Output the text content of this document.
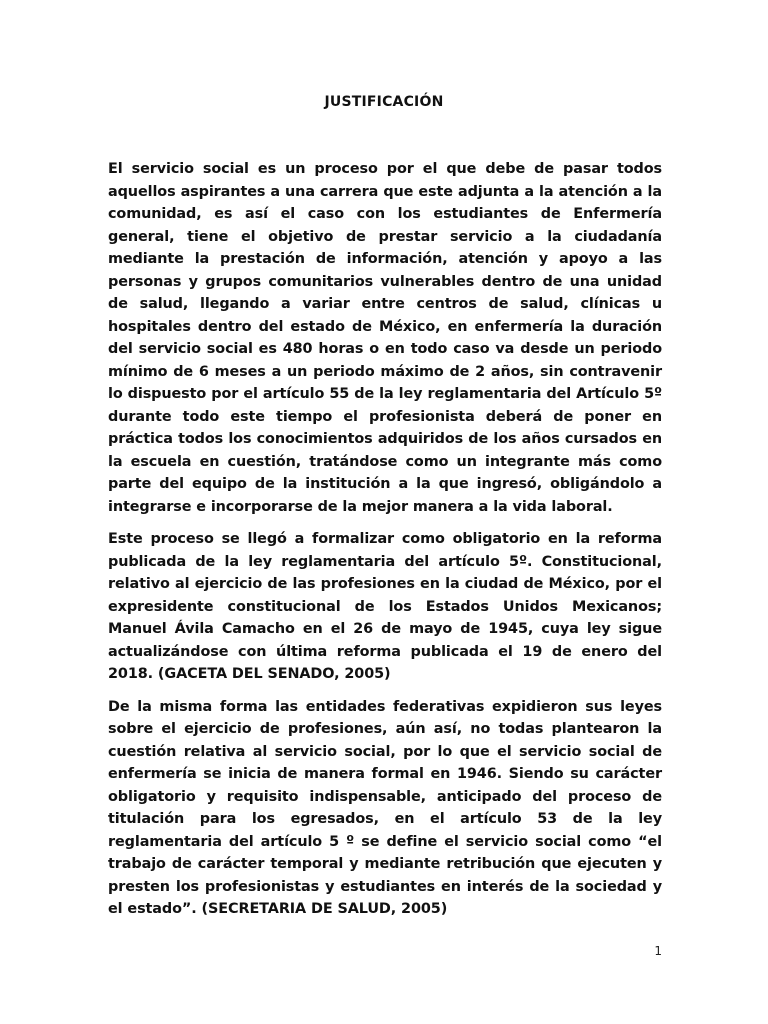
JUSTIFICACIÓN

El servicio social es un proceso por el que debe de pasar todos aquellos aspirantes a una carrera que este adjunta a la atención a la comunidad, es así el caso con los estudiantes de Enfermería general, tiene el objetivo de prestar servicio a la ciudadanía mediante la prestación de información, atención y apoyo a las personas y grupos comunitarios vulnerables dentro de una unidad de salud, llegando a variar entre centros de salud, clínicas u hospitales dentro del estado de México, en enfermería la duración del servicio social es 480 horas o en todo caso va desde un periodo mínimo de 6 meses a un periodo máximo de 2 años, sin contravenir lo dispuesto por el artículo 55 de la ley reglamentaria del Artículo 5º durante todo este tiempo el profesionista deberá de poner en práctica todos los conocimientos adquiridos de los años cursados en la escuela en cuestión, tratándose como un integrante más como parte del equipo de la institución a la que ingresó, obligándolo a integrarse e incorporarse de la mejor manera a la vida laboral.

Este proceso se llegó a formalizar como obligatorio en la reforma publicada de la ley reglamentaria del artículo 5º. Constitucional, relativo al ejercicio de las profesiones en la ciudad de México, por el expresidente constitucional de los Estados Unidos Mexicanos; Manuel Ávila Camacho en el 26 de mayo de 1945, cuya ley sigue actualizándose con última reforma publicada el 19 de enero del 2018. (GACETA DEL SENADO, 2005)

De la misma forma las entidades federativas expidieron sus leyes sobre el ejercicio de profesiones, aún así, no todas plantearon la cuestión relativa al servicio social, por lo que el servicio social de enfermería se inicia de manera formal en 1946. Siendo su carácter obligatorio y requisito indispensable, anticipado del proceso de titulación para los egresados, en el artículo 53 de la ley reglamentaria del artículo 5 º se define el servicio social como “el trabajo de carácter temporal y mediante retribución que ejecuten y presten los profesionistas y estudiantes en interés de la sociedad y el estado”. (SECRETARIA DE SALUD, 2005)

1
